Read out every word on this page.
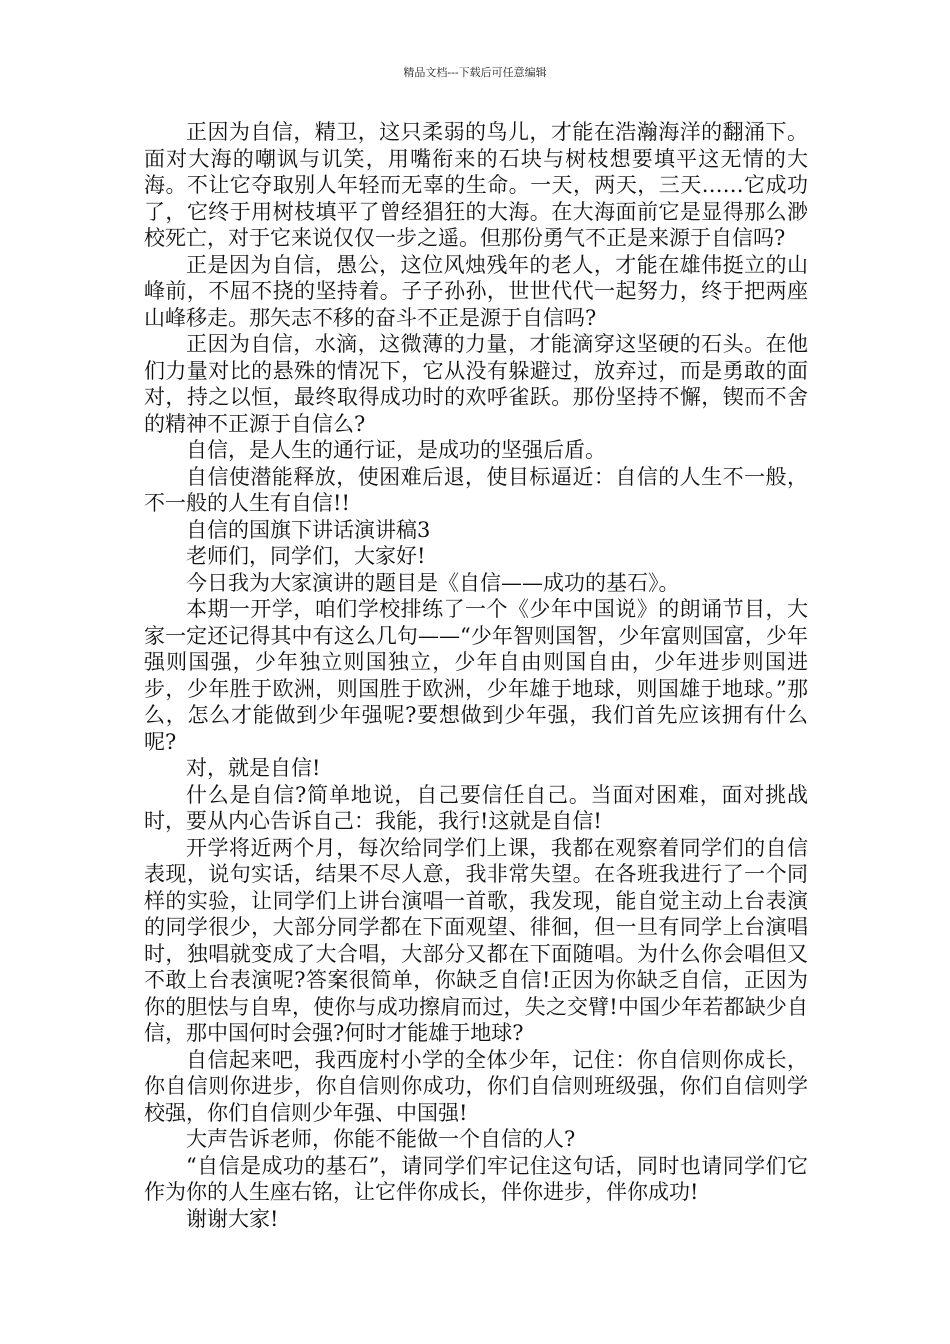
精品文档---下载后可任意编辑

正因为自信，精卫，这只柔弱的鸟儿，才能在浩瀚海洋的翻涌下。面对大海的嘲讽与讥笑，用嘴衔来的石块与树枝想要填平这无情的大海。不让它夺取别人年轻而无辜的生命。一天，两天，三天……它成功了，它终于用树枝填平了曾经猖狂的大海。在大海面前它是显得那么渺校死亡，对于它来说仅仅一步之遥。但那份勇气不正是来源于自信吗?

正是因为自信，愚公，这位风烛残年的老人，才能在雄伟挺立的山峰前，不屈不挠的坚持着。子子孙孙，世世代代一起努力，终于把两座山峰移走。那矢志不移的奋斗不正是源于自信吗?

正因为自信，水滴，这微薄的力量，才能滴穿这坚硬的石头。在他们力量对比的悬殊的情况下，它从没有躲避过，放弃过，而是勇敢的面对，持之以恒，最终取得成功时的欢呼雀跃。那份坚持不懈，锲而不舍的精神不正源于自信么?

自信，是人生的通行证，是成功的坚强后盾。

自信使潜能释放，使困难后退，使目标逼近：自信的人生不一般，不一般的人生有自信!!

自信的国旗下讲话演讲稿3

老师们，同学们，大家好!

今日我为大家演讲的题目是《自信——成功的基石》。

本期一开学，咱们学校排练了一个《少年中国说》的朗诵节目，大家一定还记得其中有这么几句——“少年智则国智，少年富则国富，少年强则国强，少年独立则国独立，少年自由则国自由，少年进步则国进步，少年胜于欧洲，则国胜于欧洲，少年雄于地球，则国雄于地球。”那么，怎么才能做到少年强呢?要想做到少年强，我们首先应该拥有什么呢?

对，就是自信!

什么是自信?简单地说，自己要信任自己。当面对困难，面对挑战时，要从内心告诉自己：我能，我行!这就是自信!

开学将近两个月，每次给同学们上课，我都在观察着同学们的自信表现，说句实话，结果不尽人意，我非常失望。在各班我进行了一个同样的实验，让同学们上讲台演唱一首歌，我发现，能自觉主动上台表演的同学很少，大部分同学都在下面观望、徘徊，但一旦有同学上台演唱时，独唱就变成了大合唱，大部分又都在下面随唱。为什么你会唱但又不敢上台表演呢?答案很简单，你缺乏自信!正因为你缺乏自信，正因为你的胆怯与自卑，使你与成功擦肩而过，失之交臂!中国少年若都缺少自信，那中国何时会强?何时才能雄于地球?

自信起来吧，我西庞村小学的全体少年，记住：你自信则你成长，你自信则你进步，你自信则你成功，你们自信则班级强，你们自信则学校强，你们自信则少年强、中国强!

大声告诉老师，你能不能做一个自信的人?

“自信是成功的基石”，请同学们牢记住这句话，同时也请同学们它作为你的人生座右铭，让它伴你成长，伴你进步，伴你成功!

谢谢大家!
